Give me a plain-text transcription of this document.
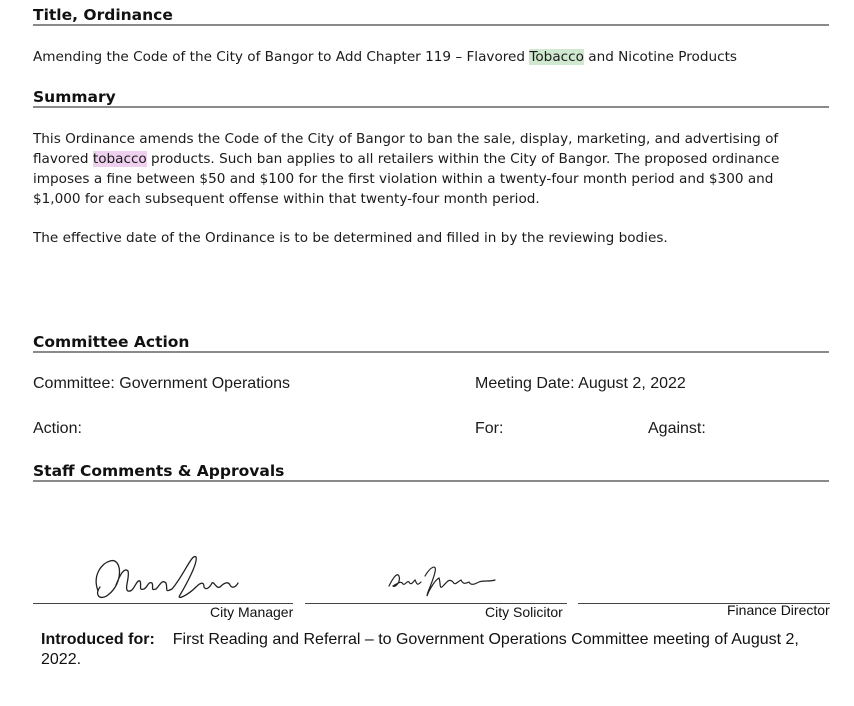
Title, Ordinance
Amending the Code of the City of Bangor to Add Chapter 119 – Flavored Tobacco and Nicotine Products
Summary
This Ordinance amends the Code of the City of Bangor to ban the sale, display, marketing, and advertising of flavored tobacco products. Such ban applies to all retailers within the City of Bangor. The proposed ordinance imposes a fine between $50 and $100 for the first violation within a twenty-four month period and $300 and $1,000 for each subsequent offense within that twenty-four month period.
The effective date of the Ordinance is to be determined and filled in by the reviewing bodies.
Committee Action
Committee: Government Operations	Meeting Date: August 2, 2022
Action:	For:	Against:
Staff Comments & Approvals
City Manager	City Solicitor	Finance Director
Introduced for: First Reading and Referral – to Government Operations Committee meeting of August 2, 2022.
